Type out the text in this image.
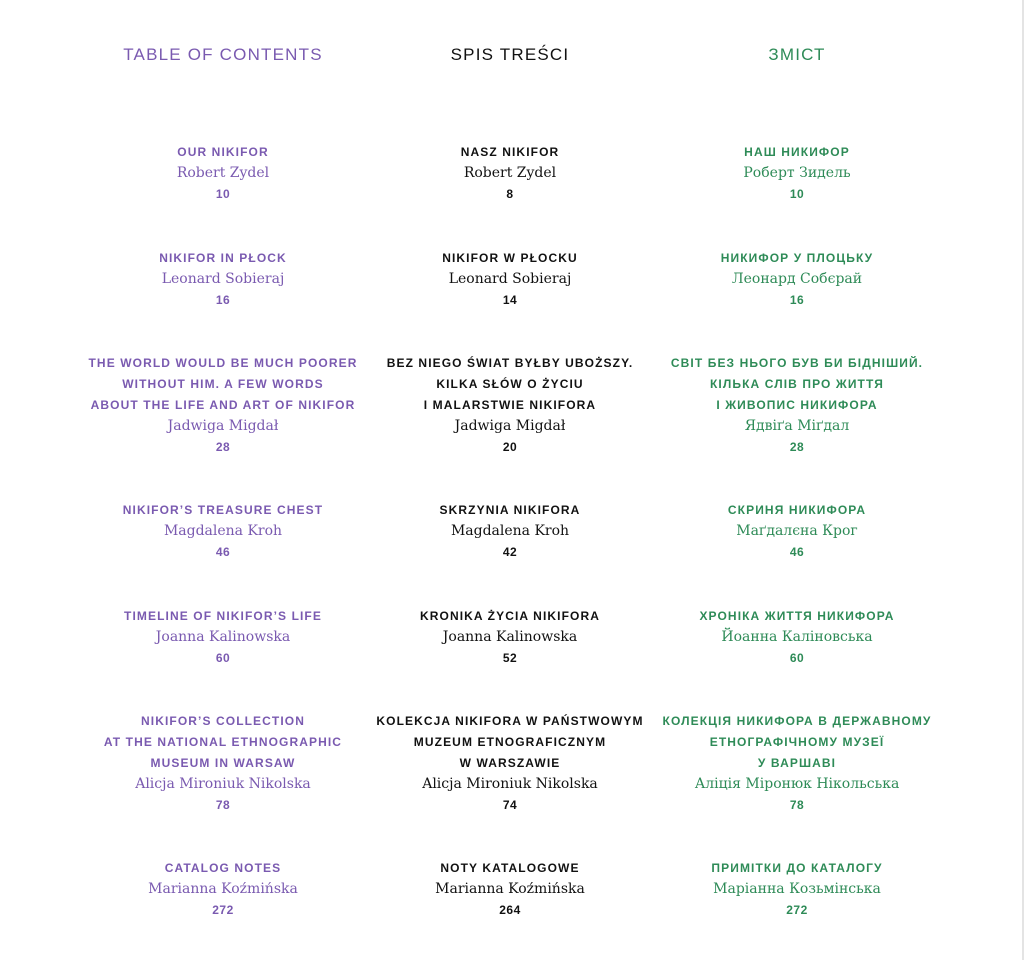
TABLE OF CONTENTS
OUR NIKIFOR
Robert Zydel
10
NIKIFOR IN PŁOCK
Leonard Sobieraj
16
THE WORLD WOULD BE MUCH POORER
WITHOUT HIM. A FEW WORDS
ABOUT THE LIFE AND ART OF NIKIFOR
Jadwiga Migdał
28
NIKIFOR’S TREASURE CHEST
Magdalena Kroh
46
TIMELINE OF NIKIFOR’S LIFE
Joanna Kalinowska
60
NIKIFOR’S COLLECTION
AT THE NATIONAL ETHNOGRAPHIC
MUSEUM IN WARSAW
Alicja Mironiuk Nikolska
78
CATALOG NOTES
Marianna Koźmińska
272
SPIS TREŚCI
NASZ NIKIFOR
Robert Zydel
8
NIKIFOR W PŁOCKU
Leonard Sobieraj
14
BEZ NIEGO ŚWIAT BYŁBY UBOŻSZY.
KILKA SŁÓW O ŻYCIU
I MALARSTWIE NIKIFORA
Jadwiga Migdał
20
SKRZYNIA NIKIFORA
Magdalena Kroh
42
KRONIKA ŻYCIA NIKIFORA
Joanna Kalinowska
52
KOLEKCJA NIKIFORA W PAŃSTWOWYM
MUZEUM ETNOGRAFICZNYM
W WARSZAWIE
Alicja Mironiuk Nikolska
74
NOTY KATALOGOWE
Marianna Koźmińska
264
ЗМІСТ
НАШ НИКИФОР
Роберт Зидель
10
НИКИФОР У ПЛОЦЬКУ
Леонард Собєрай
16
СВІТ БЕЗ НЬОГО БУВ БИ БІДНІШИЙ.
КІЛЬКА СЛІВ ПРО ЖИТТЯ
І ЖИВОПИС НИКИФОРА
Ядвіґа Міґдал
28
СКРИНЯ НИКИФОРА
Маґдалєна Крог
46
ХРОНІКА ЖИТТЯ НИКИФОРА
Йоанна Каліновська
60
КОЛЕКЦІЯ НИКИФОРА В ДЕРЖАВНОМУ
ЕТНОГРАФІЧНОМУ МУЗЕЇ
У ВАРШАВІ
Аліція Міронюк Нікольська
78
ПРИМІТКИ ДО КАТАЛОГУ
Маріанна Козьмінська
272
